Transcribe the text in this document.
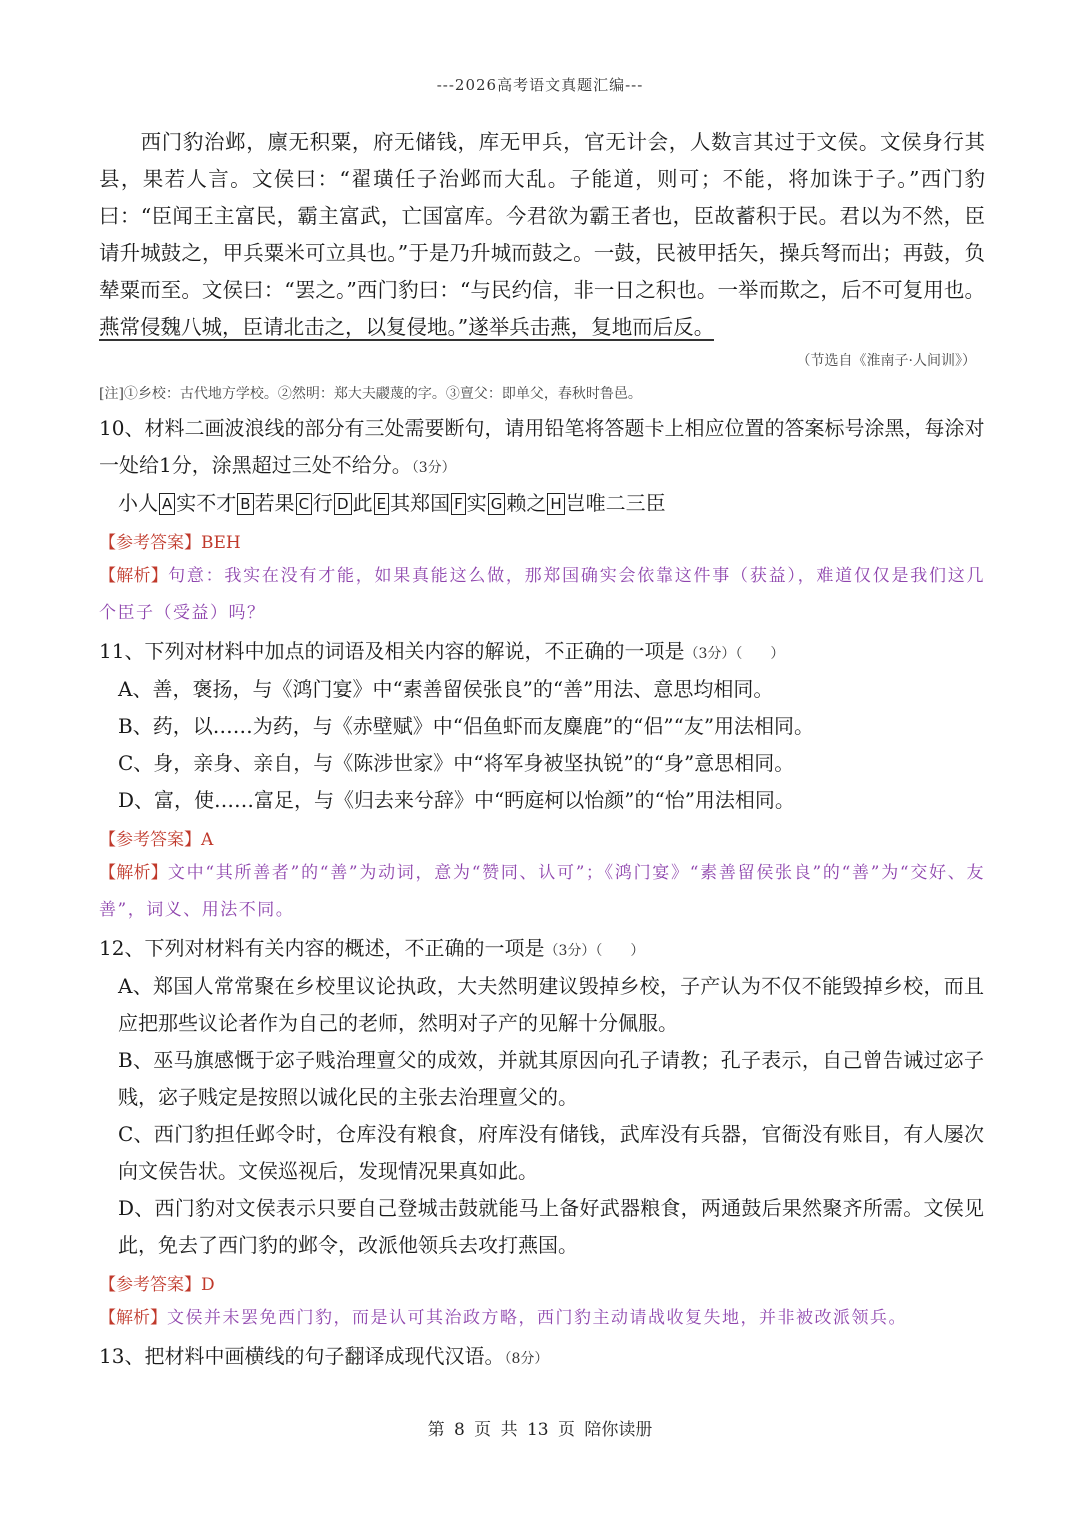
---2026高考语文真题汇编---
西门豹治邺，廪无积粟，府无储钱，库无甲兵，官无计会，人数言其过于文侯。文侯身行其县，果若人言。文侯曰：“翟璜任子治邺而大乱。子能道，则可；不能，将加诛于子。”西门豹曰：“臣闻王主富民，霸主富武，亡国富库。今君欲为霸王者也，臣故蓄积于民。君以为不然，臣请升城鼓之，甲兵粟米可立具也。”于是乃升城而鼓之。一鼓，民被甲括矢，操兵弩而出；再鼓，负辇粟而至。文侯曰：“罢之。”西门豹曰：“与民约信，非一日之积也。一举而欺之，后不可复用也。燕常侵魏八城，臣请北击之，以复侵地。”遂举兵击燕，复地而后反。
（节选自《淮南子·人间训》）
[注]①乡校：古代地方学校。②然明：郑大夫鬷蔑的字。③亶父：即单父，春秋时鲁邑。
10、材料二画波浪线的部分有三处需要断句，请用铅笔将答题卡上相应位置的答案标号涂黑，每涂对一处给1分，涂黑超过三处不给分。（3分）
小人 A 实不才 B 若果 C 行 D 此 E 其郑国 F 实 G 赖之 H 岂唯二三臣
【参考答案】BEH
【解析】句意：我实在没有才能，如果真能这么做，那郑国确实会依靠这件事（获益），难道仅仅是我们这几个臣子（受益）吗？
11、下列对材料中加点的词语及相关内容的解说，不正确的一项是（3分）（　　）
A、善，褒扬，与《鸿门宴》中“素善留侯张良”的“善”用法、意思均相同。
B、药，以……为药，与《赤壁赋》中“侣鱼虾而友麋鹿”的“侣”“友”用法相同。
C、身，亲身、亲自，与《陈涉世家》中“将军身被坚执锐”的“身”意思相同。
D、富，使……富足，与《归去来兮辞》中“眄庭柯以怡颜”的“怡”用法相同。
【参考答案】A
【解析】文中“其所善者”的“善”为动词，意为“赞同、认可”；《鸿门宴》“素善留侯张良”的“善”为“交好、友善”，词义、用法不同。
12、下列对材料有关内容的概述，不正确的一项是（3分）（　　）
A、郑国人常常聚在乡校里议论执政，大夫然明建议毁掉乡校，子产认为不仅不能毁掉乡校，而且应把那些议论者作为自己的老师，然明对子产的见解十分佩服。
B、巫马旗感慨于宓子贱治理亶父的成效，并就其原因向孔子请教；孔子表示，自己曾告诫过宓子贱，宓子贱定是按照以诚化民的主张去治理亶父的。
C、西门豹担任邺令时，仓库没有粮食，府库没有储钱，武库没有兵器，官衙没有账目，有人屡次向文侯告状。文侯巡视后，发现情况果真如此。
D、西门豹对文侯表示只要自己登城击鼓就能马上备好武器粮食，两通鼓后果然聚齐所需。文侯见此，免去了西门豹的邺令，改派他领兵去攻打燕国。
【参考答案】D
【解析】文侯并未罢免西门豹，而是认可其治政方略，西门豹主动请战收复失地，并非被改派领兵。
13、把材料中画横线的句子翻译成现代汉语。（8分）
第 8 页 共 13 页 陪你读册
